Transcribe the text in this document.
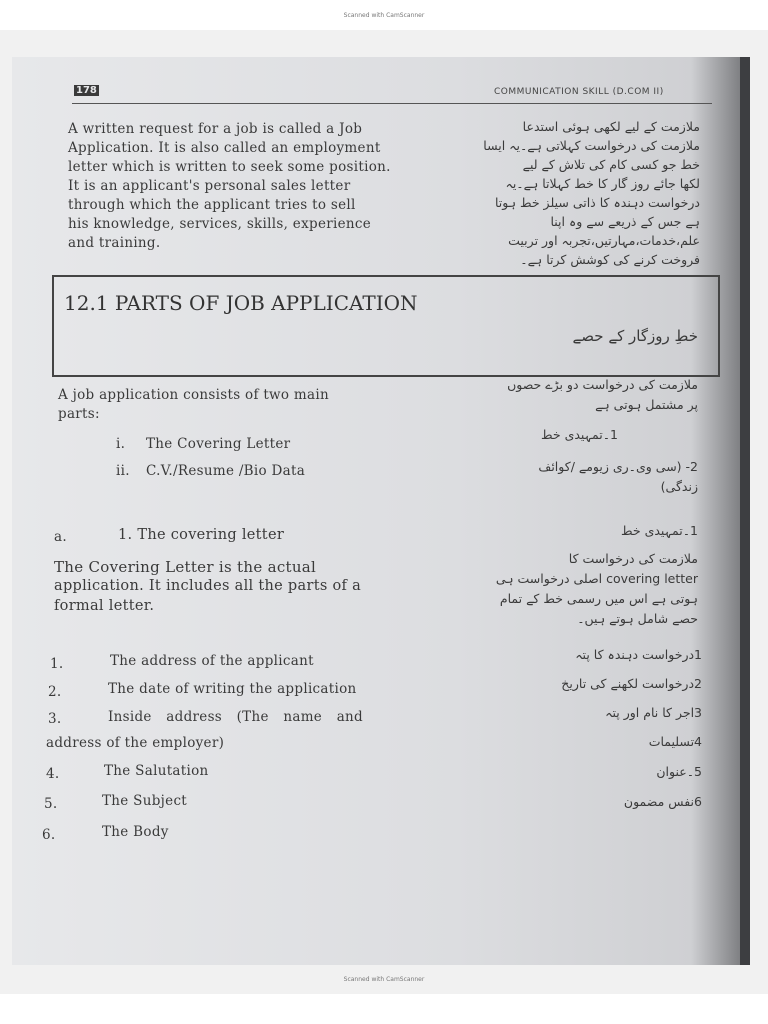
Scanned with CamScanner
178	COMMUNICATION SKILL (D.COM II)
A written request for a job is called a Job
Application. It is also called an employment
letter which is written to seek some position.
It is an applicant's personal sales letter
through which the applicant tries to sell
his knowledge, services, skills, experience
and training.
ملازمت کے لیے لکھی ہوئی استدعا
ملازمت کی درخواست کہلاتی ہے۔یہ ایسا
خط جو کسی کام کی تلاش کے لیے
لکھا جائے روز گار کا خط کہلاتا ہے۔یہ
درخواست دہندہ کا ذاتی سیلز خط ہوتا
ہے جس کے ذریعے سے وہ اپنا
علم،خدمات،مہارتیں،تجربہ اور تربیت
فروخت کرنے کی کوشش کرتا ہے۔
12.1 PARTS OF JOB APPLICATION
خطِ روزگار کے حصے
A job application consists of two main
parts:
ملازمت کی درخواست دو بڑے حصوں
پر مشتمل ہوتی ہے
i. The Covering Letter
ii. C.V./Resume /Bio Data
1۔تمہیدی خط
2- (سی وی۔ری زیومے /کوائف
زندگی)
a.	1. The covering letter	1۔تمہیدی خط
The Covering Letter is the actual
application. It includes all the parts of a
formal letter.
ملازمت کی درخواست کا
covering letter اصلی درخواست ہی
ہوتی ہے اس میں رسمی خط کے تمام
حصے شامل ہوتے ہیں۔
1.	The address of the applicant
2.	The date of writing the application
3.	Inside address (The name and
address of the employer)
4.	The Salutation
5.	The Subject
6.	The Body
1درخواست دہندہ کا پتہ
2درخواست لکھنے کی تاریخ
3اجر کا نام اور پتہ
4تسلیمات
5۔عنوان
6نفس مضمون
Scanned with CamScanner
